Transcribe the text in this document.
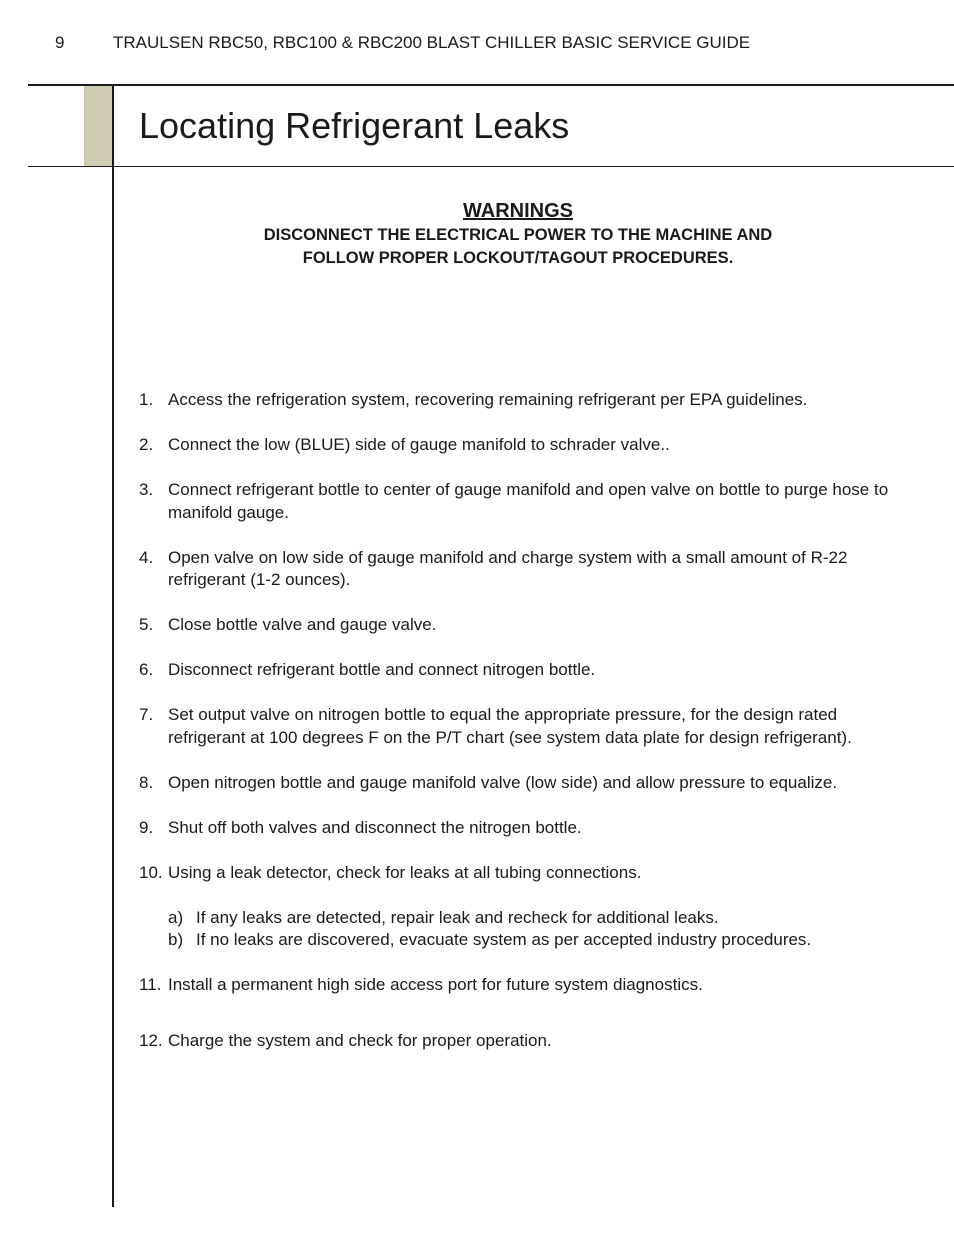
9	TRAULSEN RBC50, RBC100 & RBC200 BLAST CHILLER BASIC SERVICE GUIDE
Locating Refrigerant Leaks
WARNINGS
DISCONNECT THE ELECTRICAL POWER TO THE MACHINE AND
FOLLOW PROPER LOCKOUT/TAGOUT PROCEDURES.
1. Access the refrigeration system, recovering remaining refrigerant per EPA guidelines.
2. Connect the low (BLUE) side of gauge manifold to schrader valve..
3. Connect refrigerant bottle to center of gauge manifold and open valve on bottle to purge hose to manifold gauge.
4. Open valve on low side of gauge manifold and charge system with a small amount of R-22 refrigerant (1-2 ounces).
5. Close bottle valve and gauge valve.
6. Disconnect refrigerant bottle and connect nitrogen bottle.
7. Set output valve on nitrogen bottle to equal the appropriate pressure, for the design rated refrigerant at 100 degrees F on the P/T chart (see system data plate for design refrigerant).
8. Open nitrogen bottle and gauge manifold valve (low side) and allow pressure to equalize.
9. Shut off both valves and disconnect the nitrogen bottle.
10. Using a leak detector, check for leaks at all tubing connections.
a) If any leaks are detected, repair leak and recheck for additional leaks.
b) If no leaks are discovered, evacuate system as per accepted industry procedures.
11. Install a permanent high side access port for future system diagnostics.
12. Charge the system and check for proper operation.
